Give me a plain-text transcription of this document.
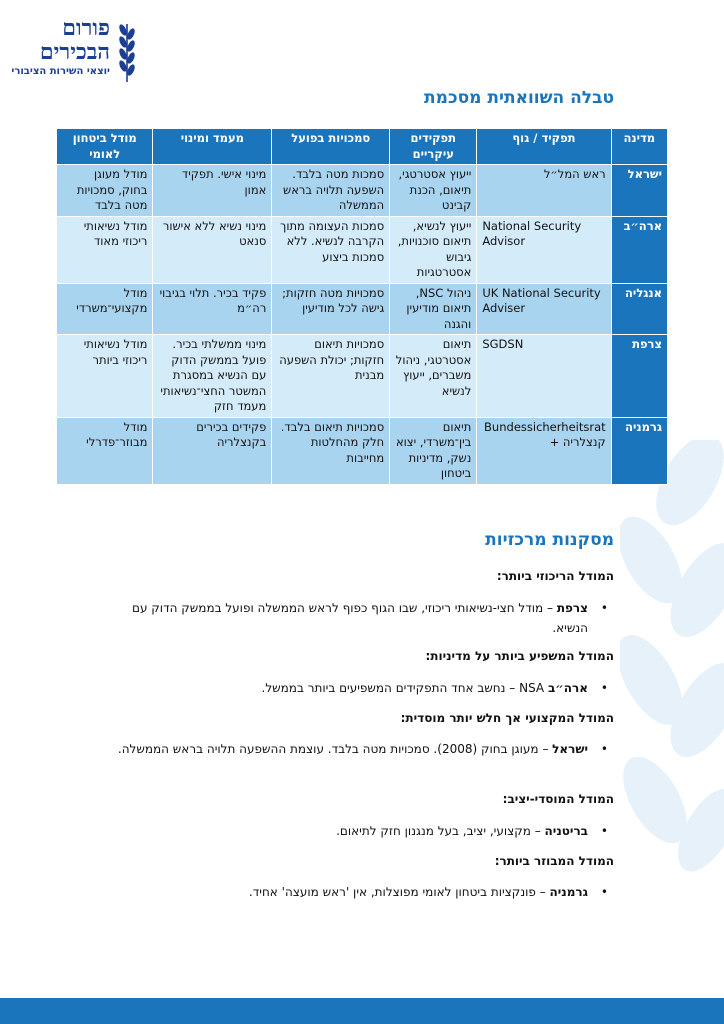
פורום
הבכירים
יוצאי השירות הציבורי
טבלה השוואתית מסכמת
מדינה	תפקיד / גוף	תפקידים עיקריים	סמכויות בפועל	מעמד ומינוי	מודל ביטחון לאומי
ישראל	ראש המל״ל	ייעוץ אסטרטגי, תיאום, הכנת קבינט	סמכות מטה בלבד. השפעה תלויה בראש הממשלה	מינוי אישי. תפקיד אמון	מודל מעוגן בחוק, סמכויות מטה בלבד
ארה״ב	National Security Advisor	ייעוץ לנשיא, תיאום סוכנויות, גיבוש אסטרטגיות	סמכות העצומה מתוך הקרבה לנשיא. ללא סמכות ביצוע	מינוי נשיא ללא אישור סנאט	מודל נשיאותי ריכוזי מאוד
אנגליה	UK National Security Adviser	ניהול NSC, תיאום מודיעין והגנה	סמכויות מטה חזקות; גישה לכל מודיעין	פקיד בכיר. תלוי בגיבוי רה״מ	מודל מקצועי־משרדי
צרפת	SGDSN	תיאום אסטרטגי, ניהול משברים, ייעוץ לנשיא	סמכויות תיאום חזקות; יכולת השפעה מבנית	מינוי ממשלתי בכיר. פועל בממשק הדוק עם הנשיא במסגרת המשטר החצי־נשיאותי מעמד חזק	מודל נשיאותי ריכוזי ביותר
גרמניה	Bundessicherheitsrat קנצלריה +	תיאום בין־משרדי, יצוא נשק, מדיניות ביטחון	סמכויות תיאום בלבד. חלק מהחלטות מחייבות	פקידים בכירים בקנצלריה	מודל מבוזר־פדרלי
מסקנות מרכזיות
המודל הריכוזי ביותר:
•
צרפת – מודל חצי-נשיאותי ריכוזי, שבו הגוף כפוף לראש הממשלה ופועל בממשק הדוק עם הנשיא.
המודל המשפיע ביותר על מדיניות:
•
ארה״ב NSA – נחשב אחד התפקידים המשפיעים ביותר בממשל.
המודל המקצועי אך חלש יותר מוסדית:
•
ישראל – מעוגן בחוק (2008). סמכויות מטה בלבד. עוצמת ההשפעה תלויה בראש הממשלה.
המודל המוסדי-יציב:
•
בריטניה – מקצועי, יציב, בעל מנגנון חזק לתיאום.
המודל המבוזר ביותר:
•
גרמניה – פונקציות ביטחון לאומי מפוצלות, אין 'ראש מועצה' אחיד.
